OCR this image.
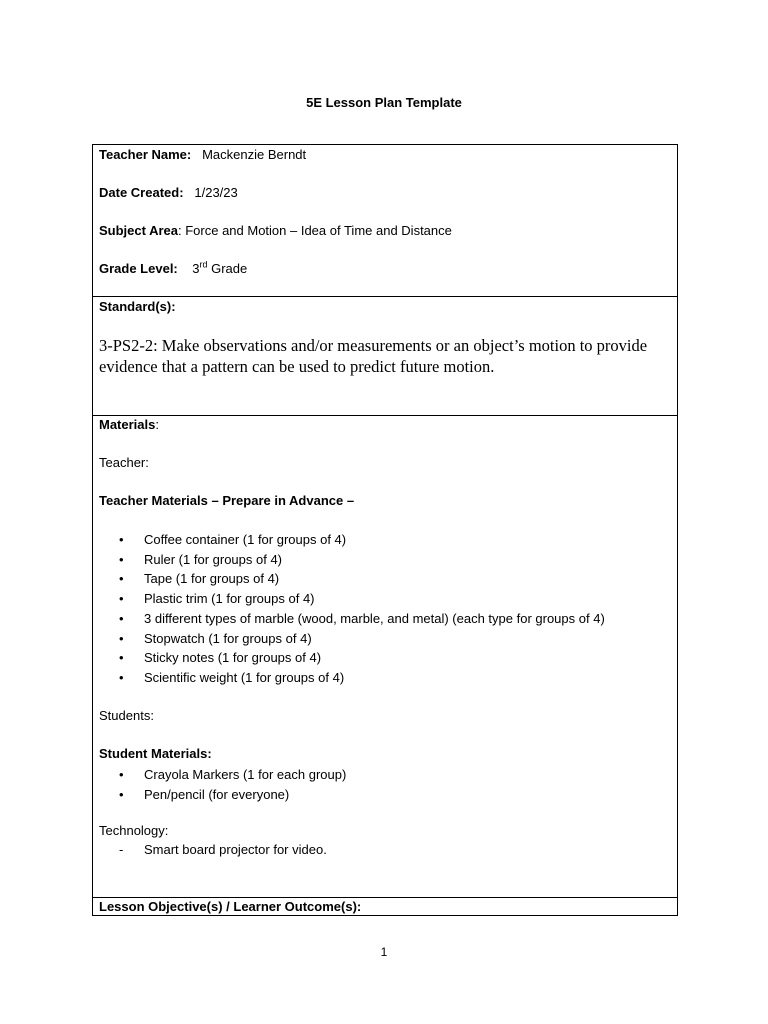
5E Lesson Plan Template
Teacher Name: Mackenzie Berndt
Date Created: 1/23/23
Subject Area: Force and Motion – Idea of Time and Distance
Grade Level: 3rd Grade
Standard(s):
3-PS2-2: Make observations and/or measurements or an object’s motion to provide evidence that a pattern can be used to predict future motion.
Materials:
Teacher:
Teacher Materials – Prepare in Advance –
• Coffee container (1 for groups of 4)
• Ruler (1 for groups of 4)
• Tape (1 for groups of 4)
• Plastic trim (1 for groups of 4)
• 3 different types of marble (wood, marble, and metal) (each type for groups of 4)
• Stopwatch (1 for groups of 4)
• Sticky notes (1 for groups of 4)
• Scientific weight (1 for groups of 4)
Students:
Student Materials:
• Crayola Markers (1 for each group)
• Pen/pencil (for everyone)
Technology:
- Smart board projector for video.
Lesson Objective(s) / Learner Outcome(s):
1
